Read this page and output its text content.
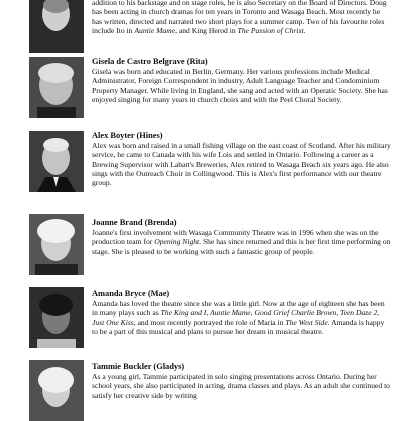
addition to his backstage and on stage roles, he is also Secretary on the Board of Directors. Doug has been acting in church dramas for ten years in Toronto and Wasaga Beach. Most recently he has written, directed and narrated two short plays for a summer camp. Two of his favourite roles include Ito in Auntie Mame, and King Herod in The Passion of Christ.

Gisela de Castro Belgrave (Rita)

Gisela was born and educated in Berlin, Germany. Her various professions include Medical Administrator, Foreign Correspondent in industry, Adult Language Teacher and Condominium Property Manager. While living in England, she sang and acted with an Operatic Society. She has enjoyed singing for many years in church choirs and with the Peel Choral Society.

Alex Boyter (Hines)

Alex was born and raised in a small fishing village on the east coast of Scotland. After his military service, he came to Canada with his wife Lois and settled in Ontario. Following a career as a Brewing Supervisor with Labatt's Breweries, Alex retired to Wasaga Beach six years ago. He also sings with the Outreach Choir in Collingwood. This is Alex's first performance with our theatre group.

Joanne Brand (Brenda)

Joanne's first involvement with Wasaga Community Theatre was in 1996 when she was on the production team for Opening Night. She has since returned and this is her first time performing on stage. She is pleased to be working with such a fantastic group of people.

Amanda Bryce (Mae)

Amanda has loved the theatre since she was a little girl. Now at the age of eighteen she has been in many plays such as The King and I, Auntie Mame, Good Grief Charlie Brown, Teen Daze 2, Just One Kiss, and most recently portrayed the role of Maria in The West Side. Amanda is happy to be a part of this musical and plans to pursue her dream in musical theatre.

Tammie Buckler (Gladys)

As a young girl, Tammie participated in solo singing presentations across Ontario. During her school years, she also participated in acting, drama classes and plays. As an adult she continued to satisfy her creative side by writing
